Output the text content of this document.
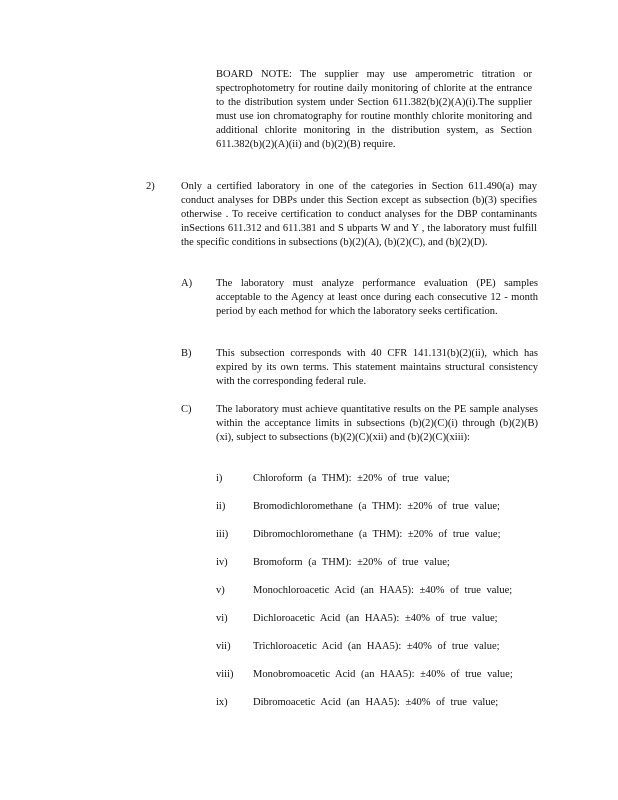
BOARD NOTE: The supplier may use amperometric titration or spectrophotometry for routine daily monitoring of chlorite at the entrance to the distribution system under Section 611.382(b)(2)(A)(i).The supplier must use ion chromatography for routine monthly chlorite monitoring and additional chlorite monitoring in the distribution system, as Section 611.382(b)(2)(A)(ii) and (b)(2)(B) require.

2)	Only a certified laboratory in one of the categories in Section 611.490(a) may conduct analyses for DBPs under this Section except as subsection (b)(3) specifies otherwise . To receive certification to conduct analyses for the DBP contaminants inSections 611.312 and 611.381 and S ubparts W and Y , the laboratory must fulfill the specific conditions in subsections (b)(2)(A), (b)(2)(C), and (b)(2)(D).

A) The laboratory must analyze performance evaluation (PE) samples acceptable to the Agency at least once during each consecutive 12 - month period by each method for which the laboratory seeks certification.

B) This subsection corresponds with 40 CFR 141.131(b)(2)(ii), which has expired by its own terms. This statement maintains structural consistency with the corresponding federal rule.

C) The laboratory must achieve quantitative results on the PE sample analyses within the acceptance limits in subsections (b)(2)(C)(i) through (b)(2)(B)(xi), subject to subsections (b)(2)(C)(xii) and (b)(2)(C)(xiii):

i)	Chloroform (a THM): ±20% of true value;
ii)	Bromodichloromethane (a THM): ±20% of true value;
iii) Dibromochloromethane (a THM): ±20% of true value;
iv) Bromoform (a THM): ±20% of true value;
v)	Monochloroacetic Acid (an HAA5): ±40% of true value;
vi) Dichloroacetic Acid (an HAA5): ±40% of true value;
vii) Trichloroacetic Acid (an HAA5): ±40% of true value;
viii) Monobromoacetic Acid (an HAA5): ±40% of true value;
ix) Dibromoacetic Acid (an HAA5): ±40% of true value;
